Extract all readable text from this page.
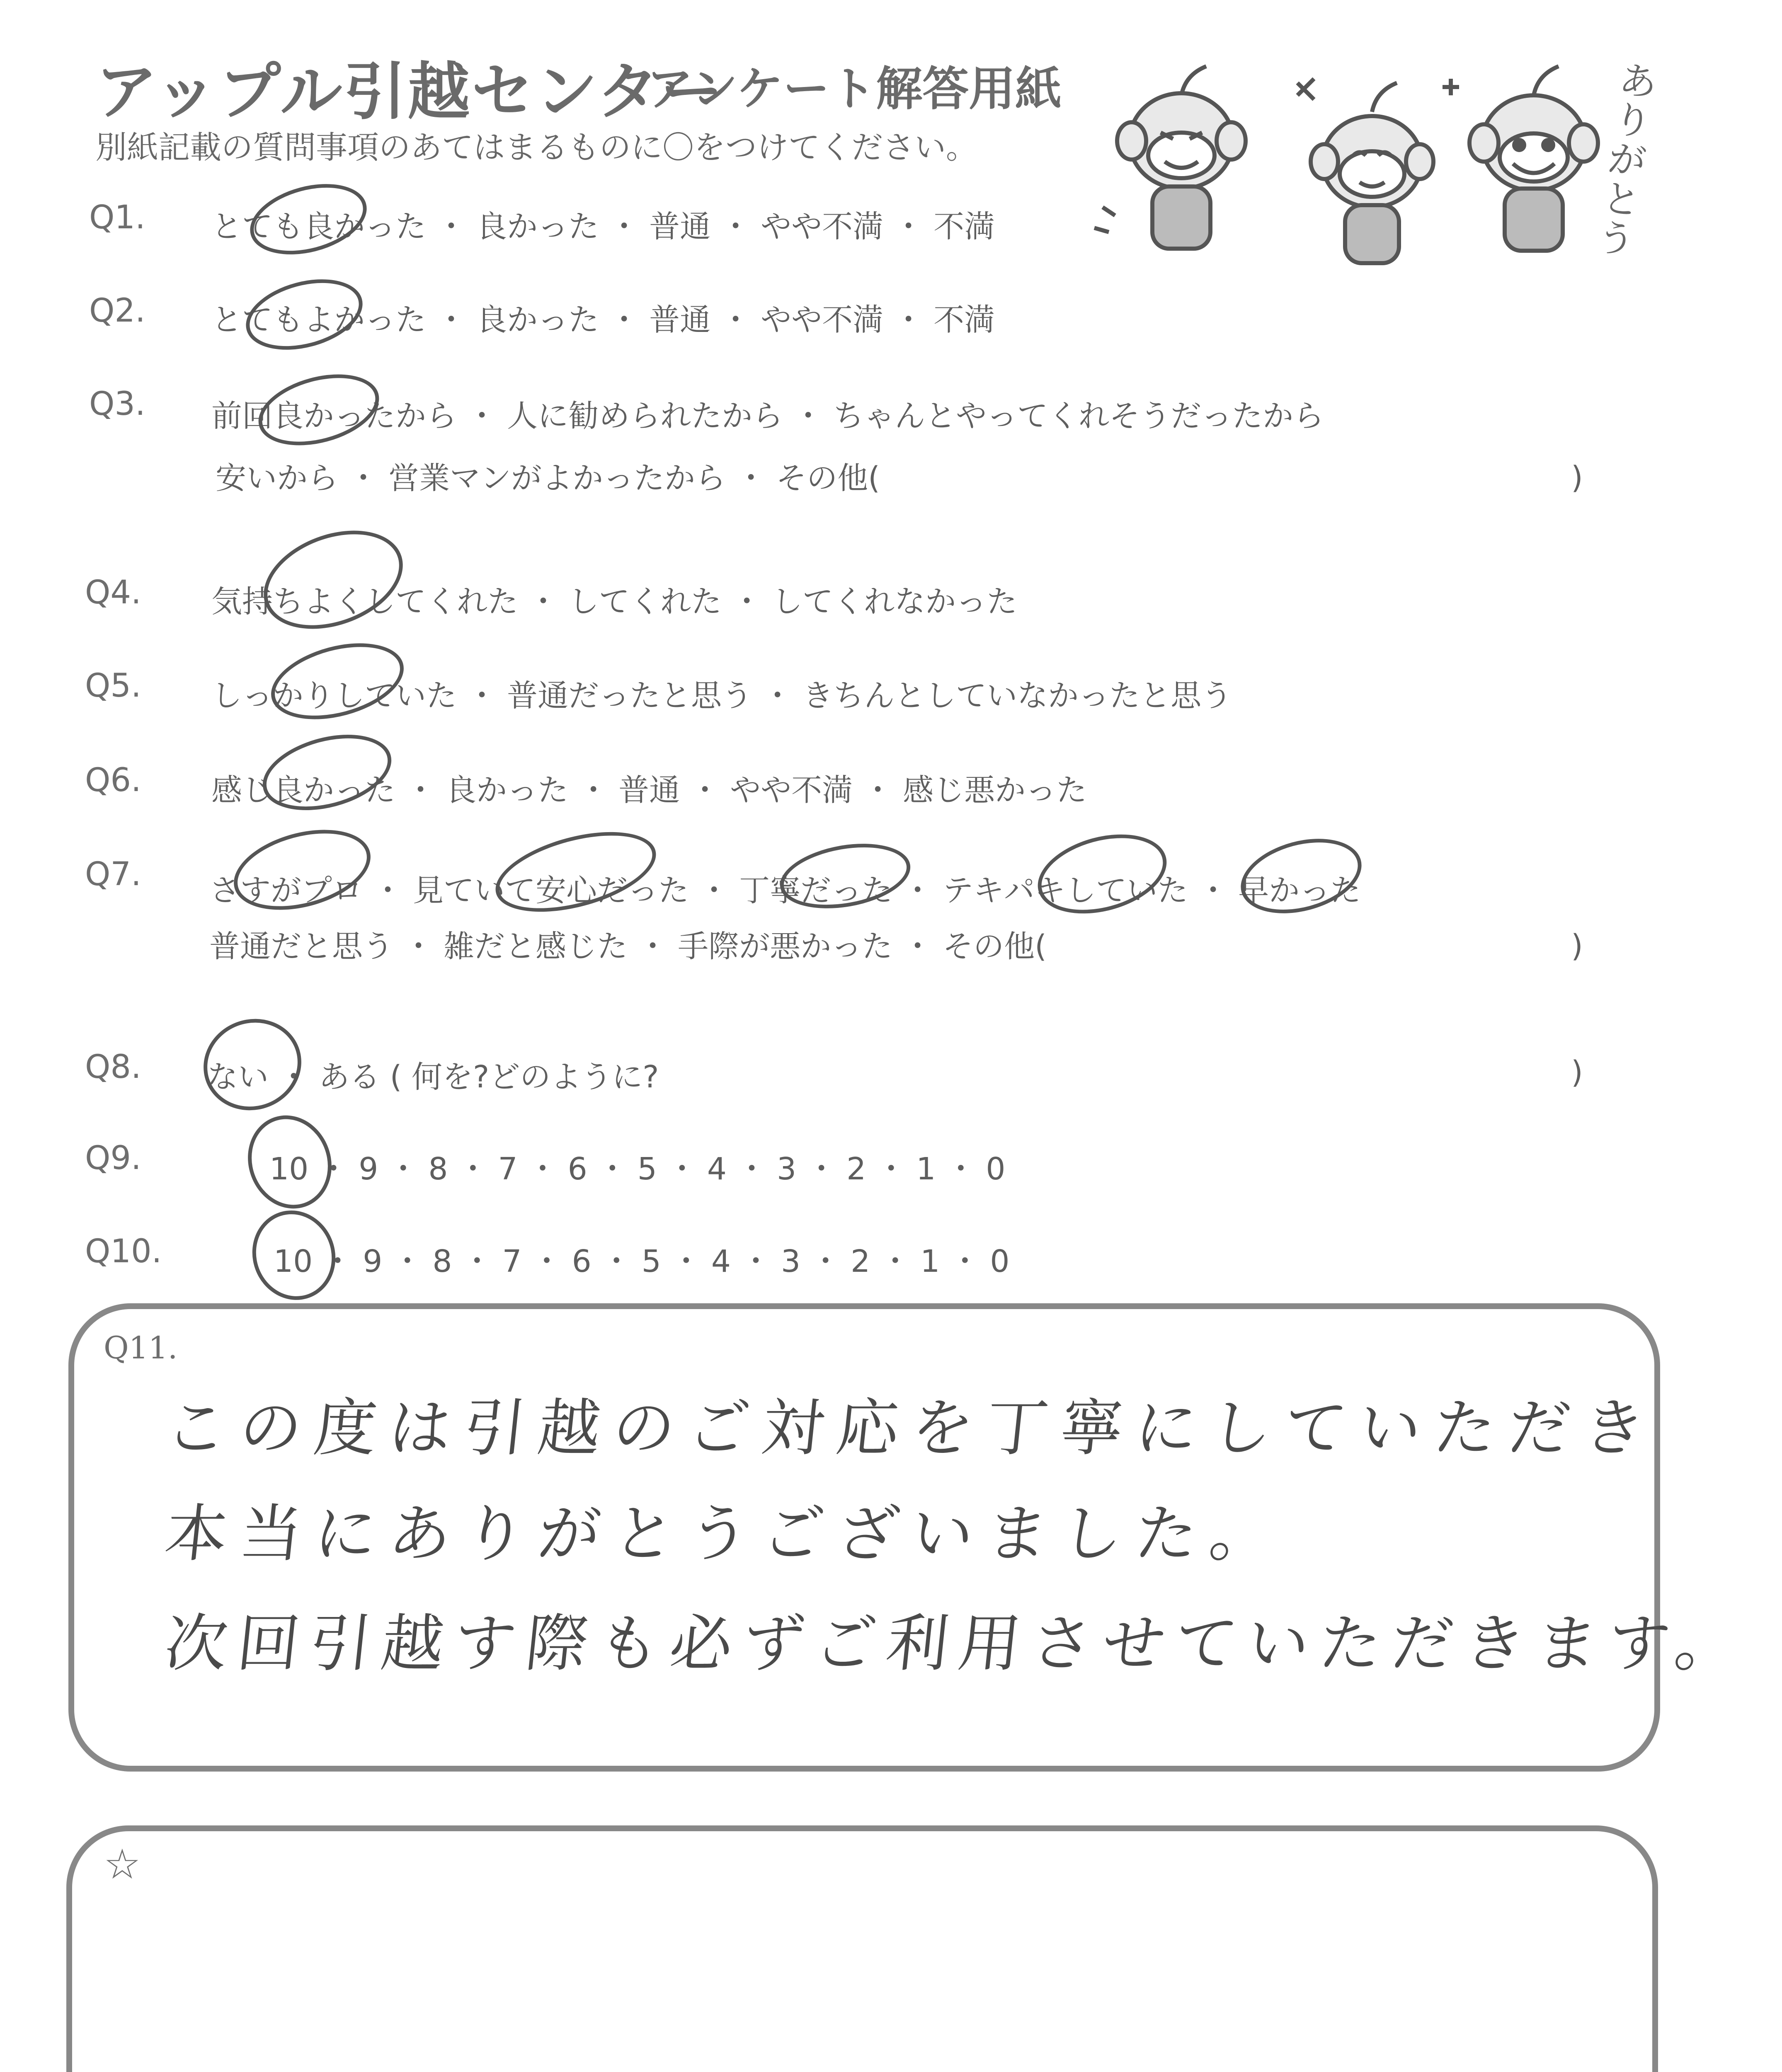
アップル引越センター
アンケート解答用紙
別紙記載の質問事項のあてはまるものに〇をつけてください。
ありがとう
Q1. とても良かった ・ 良かった ・ 普通 ・ やや不満 ・ 不満
Q2. とてもよかった ・ 良かった ・ 普通 ・ やや不満 ・ 不満
Q3. 前回良かったから ・ 人に勧められたから ・ ちゃんとやってくれそうだったから
安いから ・ 営業マンがよかったから ・ その他(	)
Q4. 気持ちよくしてくれた ・ してくれた ・ してくれなかった
Q5. しっかりしていた ・ 普通だったと思う ・ きちんとしていなかったと思う
Q6. 感じ良かった ・ 良かった ・ 普通 ・ やや不満 ・ 感じ悪かった
Q7. さすがプロ ・ 見ていて安心だった ・ 丁寧だった ・ テキパキしていた ・ 早かった
普通だと思う ・ 雑だと感じた ・ 手際が悪かった ・ その他(	)
Q8. ない ・ ある ( 何を?どのように?	)
Q9.	10 ・ 9 ・ 8 ・ 7 ・ 6 ・ 5 ・ 4 ・ 3 ・ 2 ・ 1 ・ 0
Q10.	10 ・ 9 ・ 8 ・ 7 ・ 6 ・ 5 ・ 4 ・ 3 ・ 2 ・ 1 ・ 0
Q11.
この度は引越のご対応を丁寧にしていただき
本当にありがとうございました。
次回引越す際も必ずご利用させていただきます。
☆
